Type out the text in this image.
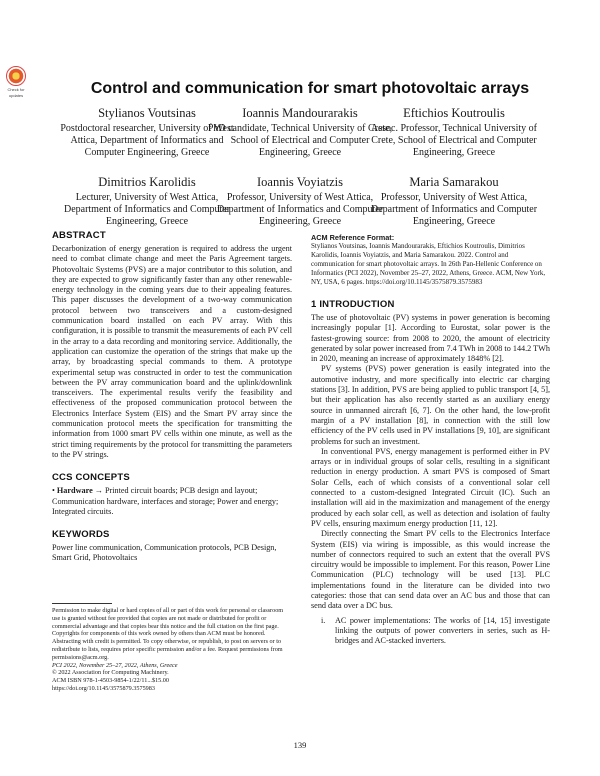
Check for
updates	Control and communication for smart photovoltaic arrays
Stylianos Voutsinas
Postdoctoral researcher, University of West Attica, Department of Informatics and Computer Engineering, Greece
Ioannis Mandourarakis
PhD candidate, Technical University of Crete, School of Electrical and Computer Engineering, Greece
Eftichios Koutroulis
Assoc. Professor, Technical University of Crete, School of Electrical and Computer Engineering, Greece
Dimitrios Karolidis
Lecturer, University of West Attica, Department of Informatics and Computer Engineering, Greece
Ioannis Voyiatzis
Professor, University of West Attica, Department of Informatics and Computer Engineering, Greece
Maria Samarakou
Professor, University of West Attica, Department of Informatics and Computer Engineering, Greece
ABSTRACT

Decarbonization of energy generation is required to address the urgent need to combat climate change and meet the Paris Agreement targets. Photovoltaic Systems (PVS) are a major contributor to this solution, and they are expected to grow significantly faster than any other renewable-energy technology in the coming years due to their appealing features. This paper discusses the development of a two-way communication protocol between two transceivers and a custom-designed communication board installed on each PV array. With this configuration, it is possible to transmit the measurements of each PV cell in the array to a data recording and monitoring service. Additionally, the application can customize the operation of the strings that make up the array, by broadcasting special commands to them. A prototype experimental setup was constructed in order to test the communication between the PV array communication board and the uplink/downlink transceivers. The experimental results verify the feasibility and effectiveness of the proposed communication protocol between the Electronics Interface System (EIS) and the Smart PV array since the communication protocol meets the specification for transmitting the information from 1000 smart PV cells within one minute, as well as the strict timing requirements by the protocol for transmitting the parameters to the PV strings.

CCS CONCEPTS

• Hardware → Printed circuit boards; PCB design and layout; Communication hardware, interfaces and storage; Power and energy; Integrated circuits.

KEYWORDS

Power line communication, Communication protocols, PCB Design, Smart Grid, Photovoltaics

Permission to make digital or hard copies of all or part of this work for personal or classroom use is granted without fee provided that copies are not made or distributed for profit or commercial advantage and that copies bear this notice and the full citation on the first page. Copyrights for components of this work owned by others than ACM must be honored. Abstracting with credit is permitted. To copy otherwise, or republish, to post on servers or to redistribute to lists, requires prior specific permission and/or a fee. Request permissions from permissions@acm.org.

PCI 2022, November 25–27, 2022, Athens, Greece

© 2022 Association for Computing Machinery.

ACM ISBN 978-1-4503-9854-1/22/11...$15.00

https://doi.org/10.1145/3575879.3575983

ACM Reference Format:

Stylianos Voutsinas, Ioannis Mandourarakis, Eftichios Koutroulis, Dimitrios Karolidis, Ioannis Voyiatzis, and Maria Samarakou. 2022. Control and communication for smart photovoltaic arrays. In 26th Pan-Hellenic Conference on Informatics (PCI 2022), November 25–27, 2022, Athens, Greece. ACM, New York, NY, USA, 6 pages. https://doi.org/10.1145/3575879.3575983

1 INTRODUCTION

The use of photovoltaic (PV) systems in power generation is becoming increasingly popular [1]. According to Eurostat, solar power is the fastest-growing source: from 2008 to 2020, the amount of electricity generated by solar power increased from 7.4 TWh in 2008 to 144.2 TWh in 2020, meaning an increase of approximately 1848% [2].

PV systems (PVS) power generation is easily integrated into the automotive industry, and more specifically into electric car charging stations [3]. In addition, PVS are being applied to public transport [4, 5], but their application has also recently started as an auxiliary energy source in unmanned aircraft [6, 7]. On the other hand, the low-profit margin of a PV installation [8], in connection with the still low efficiency of the PV cells used in PV installations [9, 10], are significant problems for such an investment.

In conventional PVS, energy management is performed either in PV arrays or in individual groups of solar cells, resulting in a significant reduction in energy production. A smart PVS is composed of Smart Solar Cells, each of which consists of a conventional solar cell connected to a custom-designed Integrated Circuit (IC). Such an installation will aid in the maximization and management of the energy produced by each solar cell, as well as detection and isolation of faulty PV cells, ensuring maximum energy production [11, 12].

Directly connecting the Smart PV cells to the Electronics Interface System (EIS) via wiring is impossible, as this would increase the number of connectors required to such an extent that the overall PVS circuitry would be impossible to implement. For this reason, Power Line Communication (PLC) technology will be used [13]. PLC implementations found in the literature can be divided into two categories: those that can send data over an AC bus and those that can send data over a DC bus.

i.	AC power implementations: The works of [14, 15] investigate linking the outputs of power converters in series, such as H-bridges and AC-stacked inverters.
139
